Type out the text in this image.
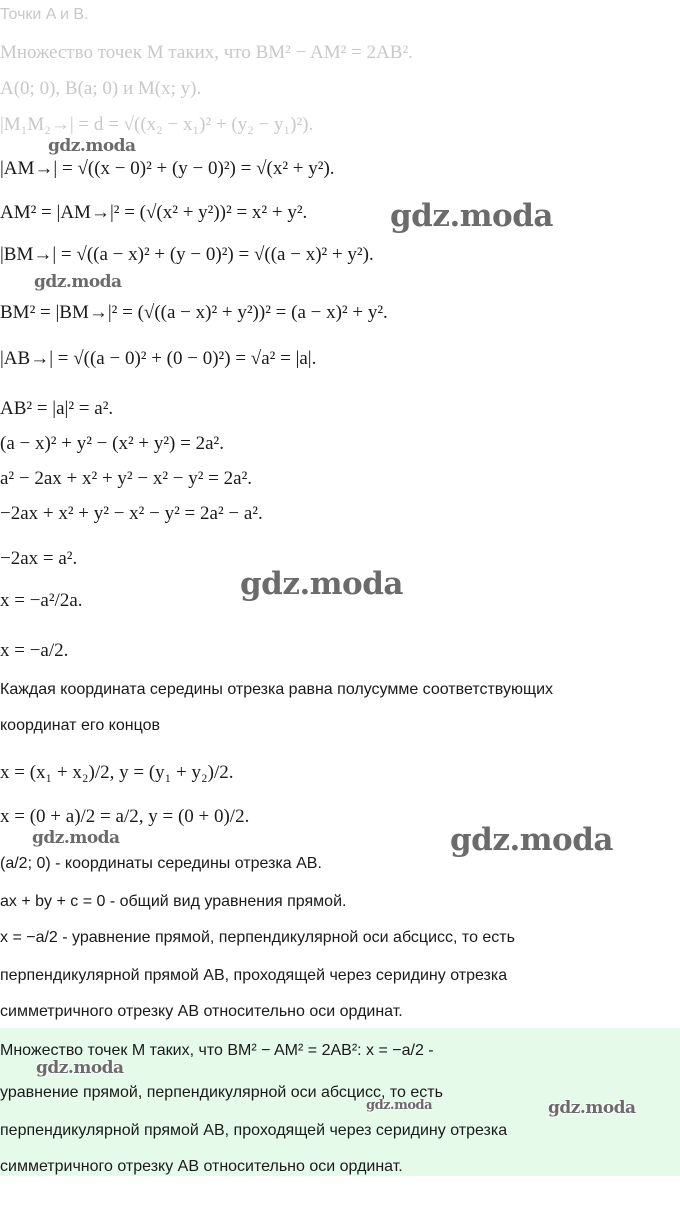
Точки A и B.
Множество точек M таких, что BM² − AM² = 2AB².
A(0; 0), B(a; 0) и M(x; y).
|M₁M₂→| = d = √((x₂ − x₁)² + (y₂ − y₁)²).
|AM→| = √((x − 0)² + (y − 0)²) = √(x² + y²).
AM² = |AM→|² = (√(x² + y²))² = x² + y².
|BM→| = √((a − x)² + (y − 0)²) = √((a − x)² + y²).
BM² = |BM→|² = (√((a − x)² + y²))² = (a − x)² + y².
|AB→| = √((a − 0)² + (0 − 0)²) = √a² = |a|.
AB² = |a|² = a².
(a − x)² + y² − (x² + y²) = 2a².
a² − 2ax + x² + y² − x² − y² = 2a².
−2ax + x² + y² − x² − y² = 2a² − a².
−2ax = a².
x = −a²/2a.
x = −a/2.
Каждая координата середины отрезка равна полусумме соответствующих
координат его концов
x = (x₁ + x₂)/2, y = (y₁ + y₂)/2.
x = (0 + a)/2 = a/2, y = (0 + 0)/2.
(a/2; 0) - координаты середины отрезка AB.
ax + by + c = 0 - общий вид уравнения прямой.
x = −a/2 - уравнение прямой, перпендикулярной оси абсцисс, то есть
перпендикулярной прямой AB, проходящей через серидину отрезка
симметричного отрезку AB относительно оси ординат.
Множество точек M таких, что BM² − AM² = 2AB²: x = −a/2 -
уравнение прямой, перпендикулярной оси абсцисс, то есть
перпендикулярной прямой AB, проходящей через серидину отрезка
симметричного отрезку AB относительно оси ординат.
gdz.moda
gdz.moda
gdz.moda
gdz.moda
gdz.moda	gdz.moda
gdz.moda
gdz.moda	gdz.moda
